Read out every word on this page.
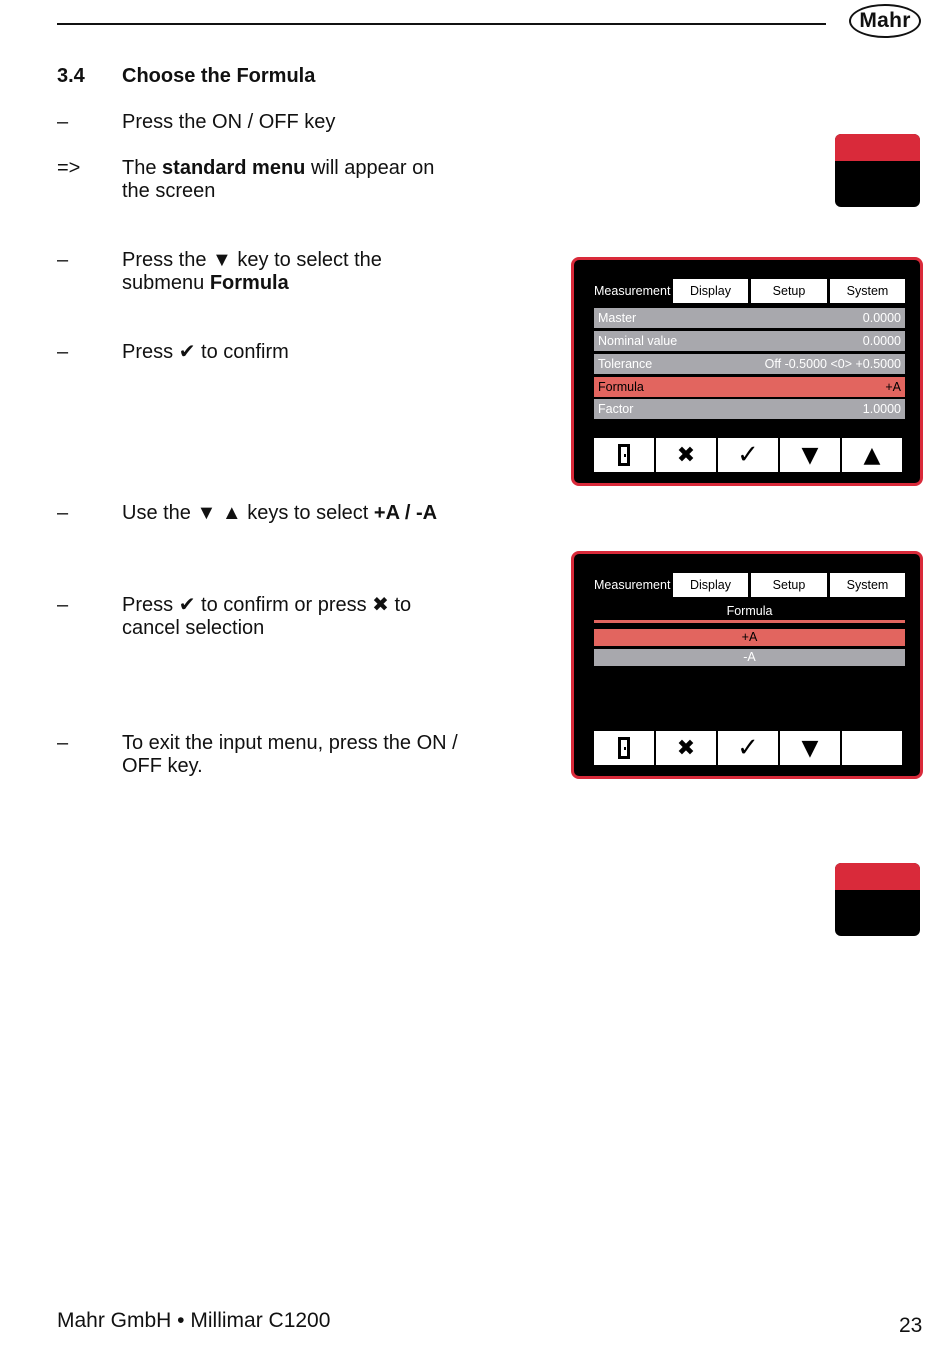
Mahr
3.4 Choose the Formula
–	Press the ON / OFF key
=> The standard menu will appear on
the screen
–	Press the ▼ key to select the
submenu Formula
–	Press ✔ to confirm
Measurement	Display	Setup	System
Master	0.0000
Nominal value	0.0000
Tolerance	Off -0.5000 <0> +0.5000
Formula	+A
Factor	1.0000
✖ ✓ ▼ ▲
–	Use the ▼ ▲ keys to select +A / -A
–	Press ✔ to confirm or press ✖ to
cancel selection
Measurement	Display	Setup	System
Formula
+A
-A
✖ ✓ ▼
–	To exit the input menu, press the ON /
OFF key.
Mahr GmbH • Millimar C1200	23
